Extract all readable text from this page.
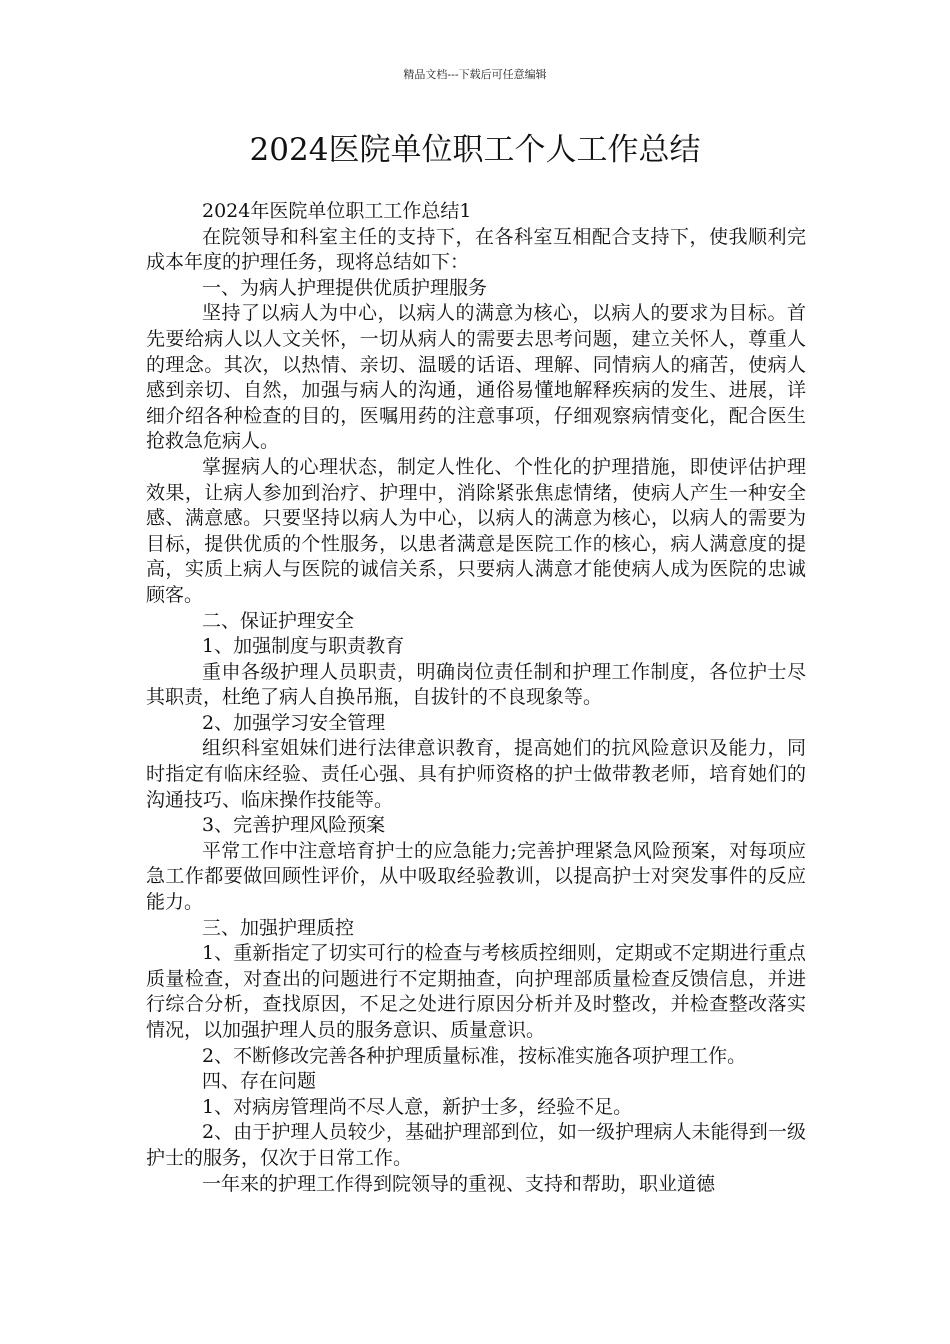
精品文档---下载后可任意编辑
2024医院单位职工个人工作总结

2024年医院单位职工工作总结1

在院领导和科室主任的支持下，在各科室互相配合支持下，使我顺利完成本年度的护理任务，现将总结如下：

一、为病人护理提供优质护理服务

坚持了以病人为中心，以病人的满意为核心，以病人的要求为目标。首先要给病人以人文关怀，一切从病人的需要去思考问题，建立关怀人，尊重人的理念。其次，以热情、亲切、温暖的话语、理解、同情病人的痛苦，使病人感到亲切、自然，加强与病人的沟通，通俗易懂地解释疾病的发生、进展，详细介绍各种检查的目的，医嘱用药的注意事项，仔细观察病情变化，配合医生抢救急危病人。

掌握病人的心理状态，制定人性化、个性化的护理措施，即使评估护理效果，让病人参加到治疗、护理中，消除紧张焦虑情绪，使病人产生一种安全感、满意感。只要坚持以病人为中心，以病人的满意为核心，以病人的需要为目标，提供优质的个性服务，以患者满意是医院工作的核心，病人满意度的提高，实质上病人与医院的诚信关系，只要病人满意才能使病人成为医院的忠诚顾客。

二、保证护理安全

1、加强制度与职责教育

重申各级护理人员职责，明确岗位责任制和护理工作制度，各位护士尽其职责，杜绝了病人自换吊瓶，自拔针的不良现象等。

2、加强学习安全管理

组织科室姐妹们进行法律意识教育，提高她们的抗风险意识及能力，同时指定有临床经验、责任心强、具有护师资格的护士做带教老师，培育她们的沟通技巧、临床操作技能等。

3、完善护理风险预案

平常工作中注意培育护士的应急能力;完善护理紧急风险预案，对每项应急工作都要做回顾性评价，从中吸取经验教训，以提高护士对突发事件的反应能力。

三、加强护理质控

1、重新指定了切实可行的检查与考核质控细则，定期或不定期进行重点质量检查，对查出的问题进行不定期抽查，向护理部质量检查反馈信息，并进行综合分析，查找原因，不足之处进行原因分析并及时整改，并检查整改落实情况，以加强护理人员的服务意识、质量意识。

2、不断修改完善各种护理质量标准，按标准实施各项护理工作。

四、存在问题

1、对病房管理尚不尽人意，新护士多，经验不足。

2、由于护理人员较少，基础护理部到位，如一级护理病人未能得到一级护士的服务，仅次于日常工作。

一年来的护理工作得到院领导的重视、支持和帮助，职业道德
